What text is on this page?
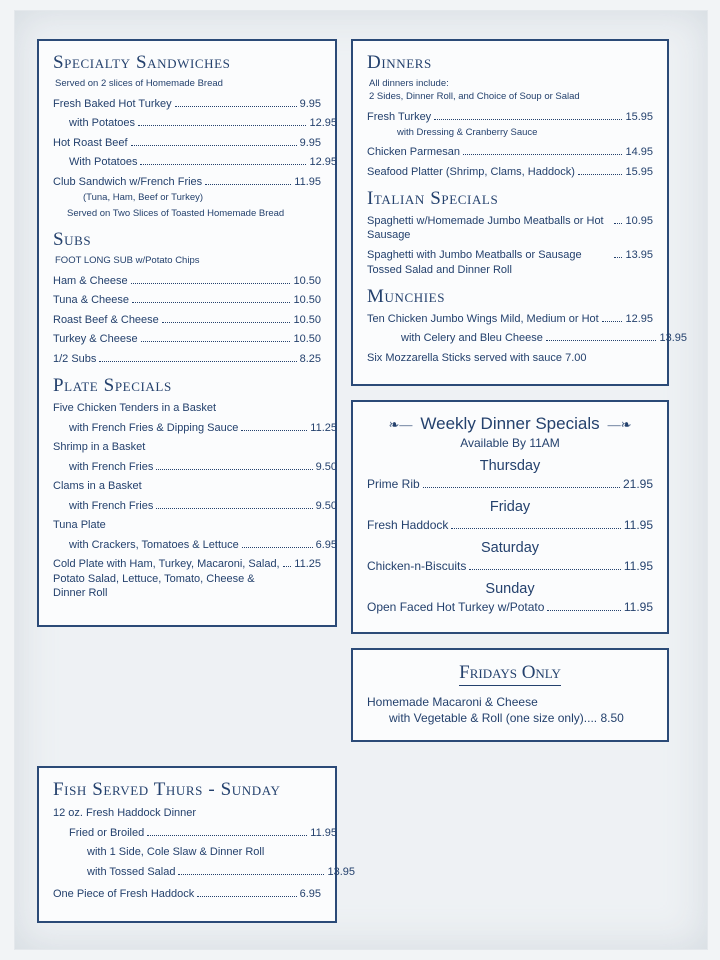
Specialty Sandwiches
Served on 2 slices of Homemade Bread
Fresh Baked Hot Turkey	9.95
with Potatoes	12.95
Hot Roast Beef	9.95
With Potatoes	12.95
Club Sandwich w/French Fries	11.95
(Tuna, Ham, Beef or Turkey)
Served on Two Slices of Toasted Homemade Bread
Subs
FOOT LONG SUB w/Potato Chips
Ham & Cheese	10.50
Tuna & Cheese	10.50
Roast Beef & Cheese	10.50
Turkey & Cheese	10.50
1/2 Subs	8.25
Plate Specials
Five Chicken Tenders in a Basket
with French Fries & Dipping Sauce	11.25
Shrimp in a Basket
with French Fries	9.50
Clams in a Basket
with French Fries	9.50
Tuna Plate
with Crackers, Tomatoes & Lettuce	6.95
Cold Plate with Ham, Turkey, Macaroni, Salad, Potato Salad, Lettuce, Tomato, Cheese & Dinner Roll
11.25
Fish Served Thurs - Sunday
12 oz. Fresh Haddock Dinner
Fried or Broiled	11.95
with 1 Side, Cole Slaw & Dinner Roll
with Tossed Salad	13.95
One Piece of Fresh Haddock	6.95
Dinners
All dinners include:
2 Sides, Dinner Roll, and Choice of Soup or Salad
Fresh Turkey	15.95
with Dressing & Cranberry Sauce
Chicken Parmesan	14.95
Seafood Platter (Shrimp, Clams, Haddock)	15.95
Italian Specials
Spaghetti w/Homemade Jumbo Meatballs or Hot Sausage
10.95
Spaghetti with Jumbo Meatballs or Sausage Tossed Salad and Dinner Roll
13.95
Munchies
Ten Chicken Jumbo Wings Mild, Medium or Hot 12.95
with Celery and Bleu Cheese	13.95
Six Mozzarella Sticks served with sauce 7.00
❧— Weekly Dinner Specials —❧
Available By 11AM
Thursday
Prime Rib	21.95
Friday
Fresh Haddock	11.95
Saturday
Chicken-n-Biscuits	11.95
Sunday
Open Faced Hot Turkey w/Potato	11.95
Fridays Only
Homemade Macaroni & Cheese
with Vegetable & Roll (one size only).... 8.50
